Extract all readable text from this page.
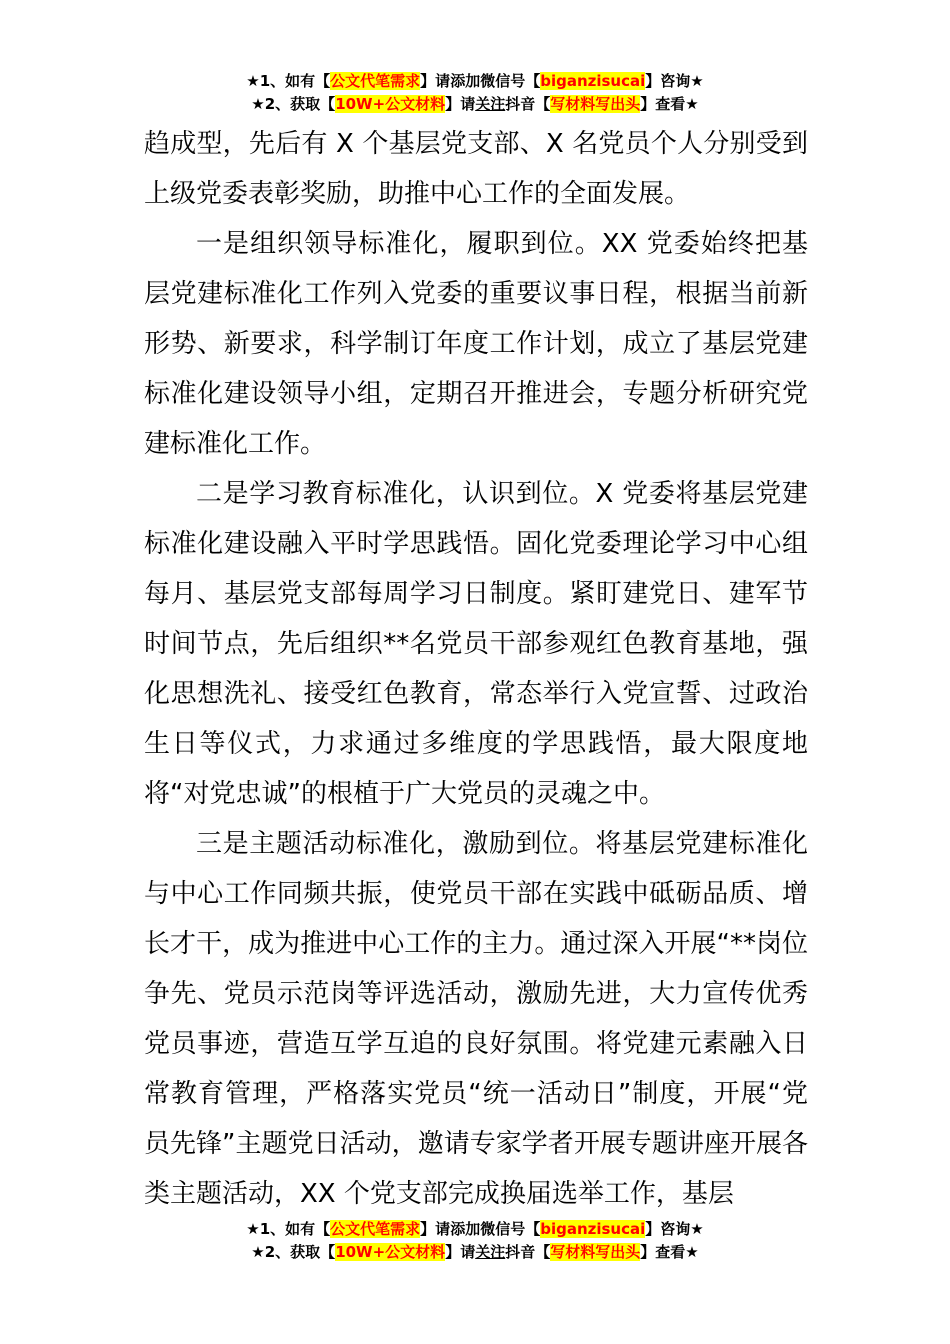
★1、如有【公文代笔需求】请添加微信号【biganzisucai】咨询★
★2、获取【10W+公文材料】请关注抖音【写材料写出头】查看★

趋成型，先后有 X 个基层党支部、X 名党员个人分别受到上级党委表彰奖励，助推中心工作的全面发展。

一是组织领导标准化，履职到位。XX 党委始终把基层党建标准化工作列入党委的重要议事日程，根据当前新形势、新要求，科学制订年度工作计划，成立了基层党建标准化建设领导小组，定期召开推进会，专题分析研究党建标准化工作。

二是学习教育标准化，认识到位。X 党委将基层党建标准化建设融入平时学思践悟。固化党委理论学习中心组每月、基层党支部每周学习日制度。紧盯建党日、建军节时间节点，先后组织**名党员干部参观红色教育基地，强化思想洗礼、接受红色教育，常态举行入党宣誓、过政治生日等仪式，力求通过多维度的学思践悟，最大限度地将“对党忠诚”的根植于广大党员的灵魂之中。

三是主题活动标准化，激励到位。将基层党建标准化与中心工作同频共振，使党员干部在实践中砥砺品质、增长才干，成为推进中心工作的主力。通过深入开展“**岗位争先、党员示范岗等评选活动，激励先进，大力宣传优秀党员事迹，营造互学互追的良好氛围。将党建元素融入日常教育管理，严格落实党员“统一活动日”制度，开展“党员先锋”主题党日活动，邀请专家学者开展专题讲座开展各类主题活动，XX 个党支部完成换届选举工作，基层

★1、如有【公文代笔需求】请添加微信号【biganzisucai】咨询★
★2、获取【10W+公文材料】请关注抖音【写材料写出头】查看★
